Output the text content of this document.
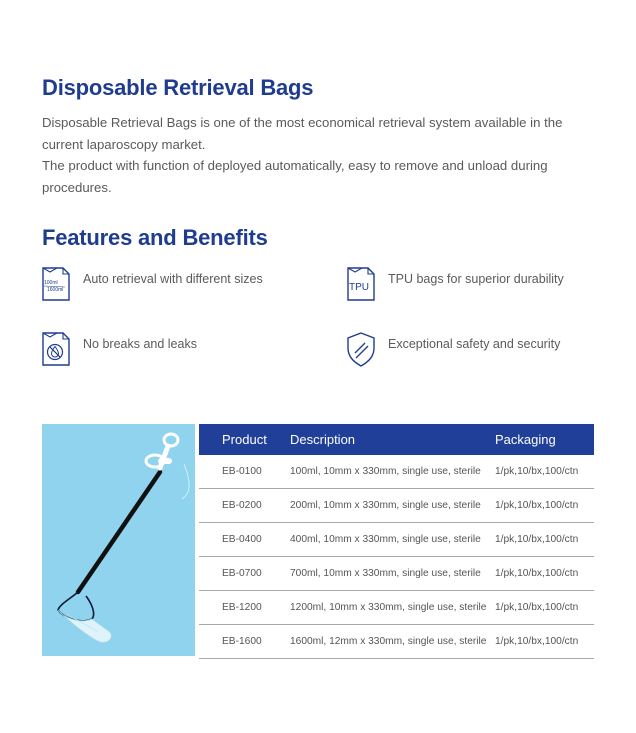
Disposable Retrieval Bags

Disposable Retrieval Bags is one of the most economical retrieval system available in the current laparoscopy market.

The product with function of deployed automatically, easy to remove and unload during procedures.

Features and Benefits
100ml
1600ml
Auto retrieval with different sizes
TPU
TPU bags for superior durability
No breaks and leaks	Exceptional safety and security
Product	Description	Packaging
EB-0100	100ml, 10mm x 330mm, single use, sterile	1/pk,10/bx,100/ctn
EB-0200	200ml, 10mm x 330mm, single use, sterile	1/pk,10/bx,100/ctn
EB-0400	400ml, 10mm x 330mm, single use, sterile	1/pk,10/bx,100/ctn
EB-0700	700ml, 10mm x 330mm, single use, sterile	1/pk,10/bx,100/ctn
EB-1200	1200ml, 10mm x 330mm, single use, sterile 1/pk,10/bx,100/ctn
EB-1600	1600ml, 12mm x 330mm, single use, sterile 1/pk,10/bx,100/ctn
